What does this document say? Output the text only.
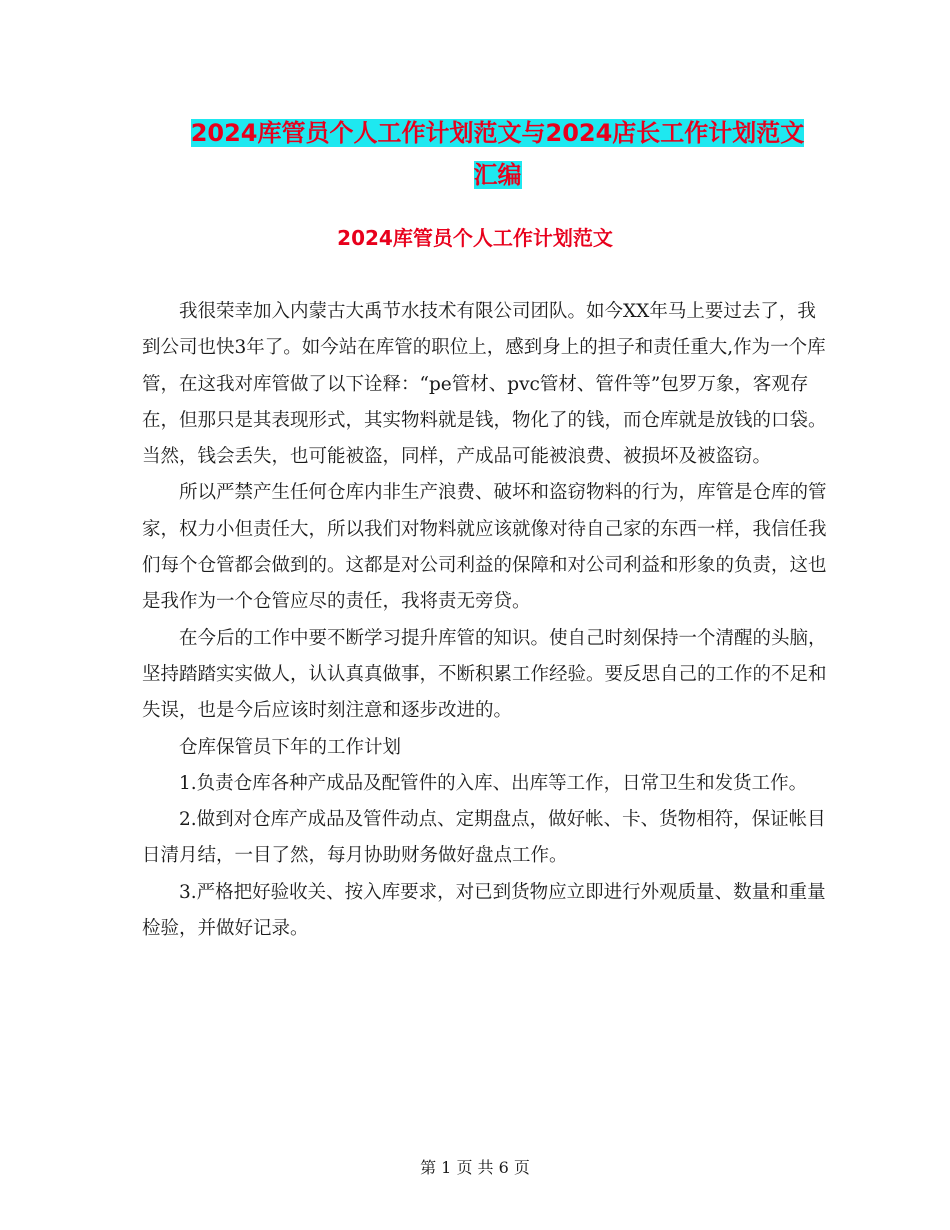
2024库管员个人工作计划范文与2024店长工作计划范文汇编
2024库管员个人工作计划范文

我很荣幸加入内蒙古大禹节水技术有限公司团队。如今XX年马上要过去了，我到公司也快3年了。如今站在库管的职位上，感到身上的担子和责任重大,作为一个库管，在这我对库管做了以下诠释：“pe管材、pvc管材、管件等”包罗万象，客观存在，但那只是其表现形式，其实物料就是钱，物化了的钱，而仓库就是放钱的口袋。当然，钱会丢失，也可能被盗，同样，产成品可能被浪费、被损坏及被盗窃。

所以严禁产生任何仓库内非生产浪费、破坏和盗窃物料的行为，库管是仓库的管家，权力小但责任大，所以我们对物料就应该就像对待自己家的东西一样，我信任我们每个仓管都会做到的。这都是对公司利益的保障和对公司利益和形象的负责，这也是我作为一个仓管应尽的责任，我将责无旁贷。

在今后的工作中要不断学习提升库管的知识。使自己时刻保持一个清醒的头脑，坚持踏踏实实做人，认认真真做事，不断积累工作经验。要反思自己的工作的不足和失误，也是今后应该时刻注意和逐步改进的。

仓库保管员下年的工作计划

1.负责仓库各种产成品及配管件的入库、出库等工作，日常卫生和发货工作。

2.做到对仓库产成品及管件动点、定期盘点，做好帐、卡、货物相符，保证帐目日清月结，一目了然，每月协助财务做好盘点工作。

3.严格把好验收关、按入库要求，对已到货物应立即进行外观质量、数量和重量检验，并做好记录。

第 1 页 共 6 页
